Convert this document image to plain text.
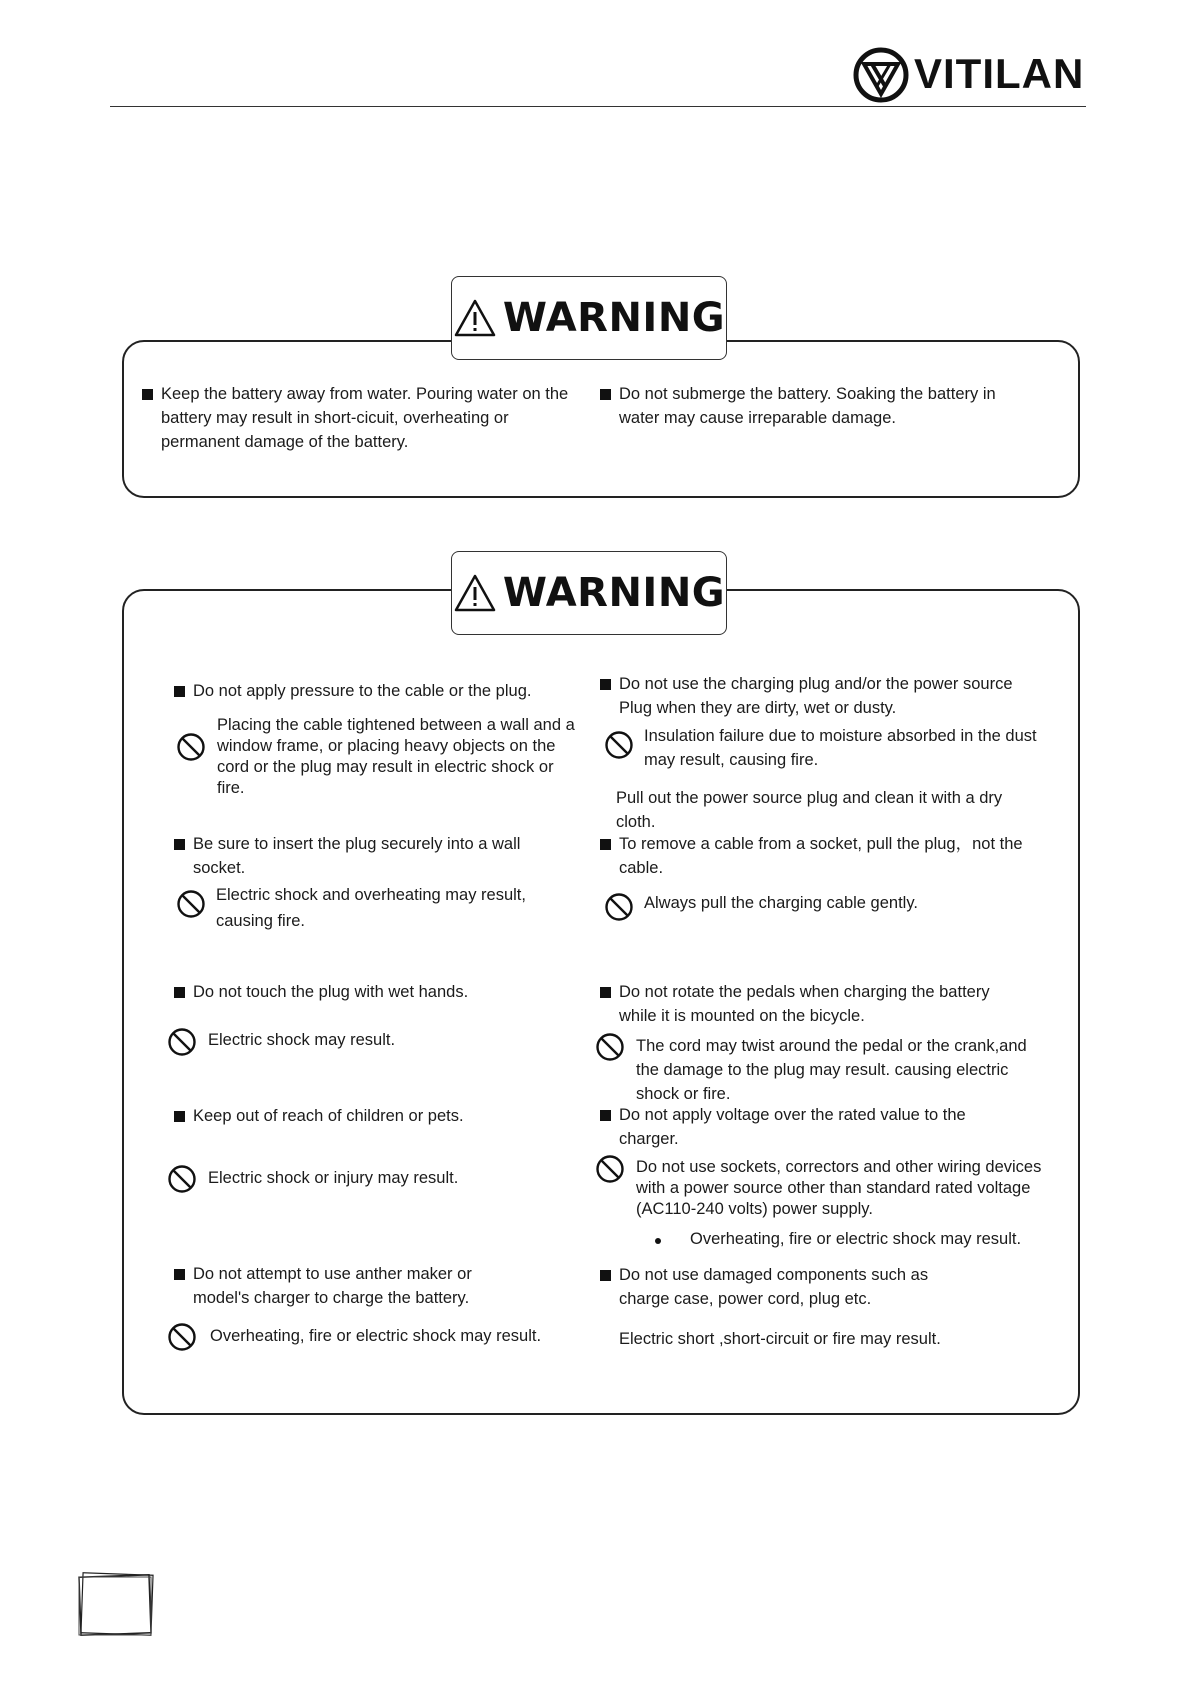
VITILAN
WARNING

Keep the battery away from water. Pouring water on the battery may result in short-cicuit, overheating or permanent damage of the battery.

Do not submerge the battery. Soaking the battery in water may cause irreparable damage.

WARNING

Do not apply pressure to the cable or the plug.

Placing the cable tightened between a wall and a window frame, or placing heavy objects on the cord or the plug may result in electric shock or fire.

Be sure to insert the plug securely into a wall socket.

Electric shock and overheating may result, causing fire.

Do not touch the plug with wet hands.

Electric shock may result.

Keep out of reach of children or pets.

Electric shock or injury may result.

Do not attempt to use anther maker or model's charger to charge the battery.

Overheating, fire or electric shock may result.

Do not use the charging plug and/or the power source Plug when they are dirty, wet or dusty.

Insulation failure due to moisture absorbed in the dust may result, causing fire.
Pull out the power source plug and clean it with a dry cloth.

To remove a cable from a socket, pull the plug，not the cable.

Always pull the charging cable gently.

Do not rotate the pedals when charging the battery while it is mounted on the bicycle.

The cord may twist around the pedal or the crank,and the damage to the plug may result. causing electric shock or fire.

Do not apply voltage over the rated value to the charger.

Do not use sockets, correctors and other wiring devices with a power source other than standard rated voltage (AC110-240 volts) power supply.
Overheating, fire or electric shock may result.

Do not use damaged components such as charge case, power cord, plug etc.

Electric short ,short-circuit or fire may result.
